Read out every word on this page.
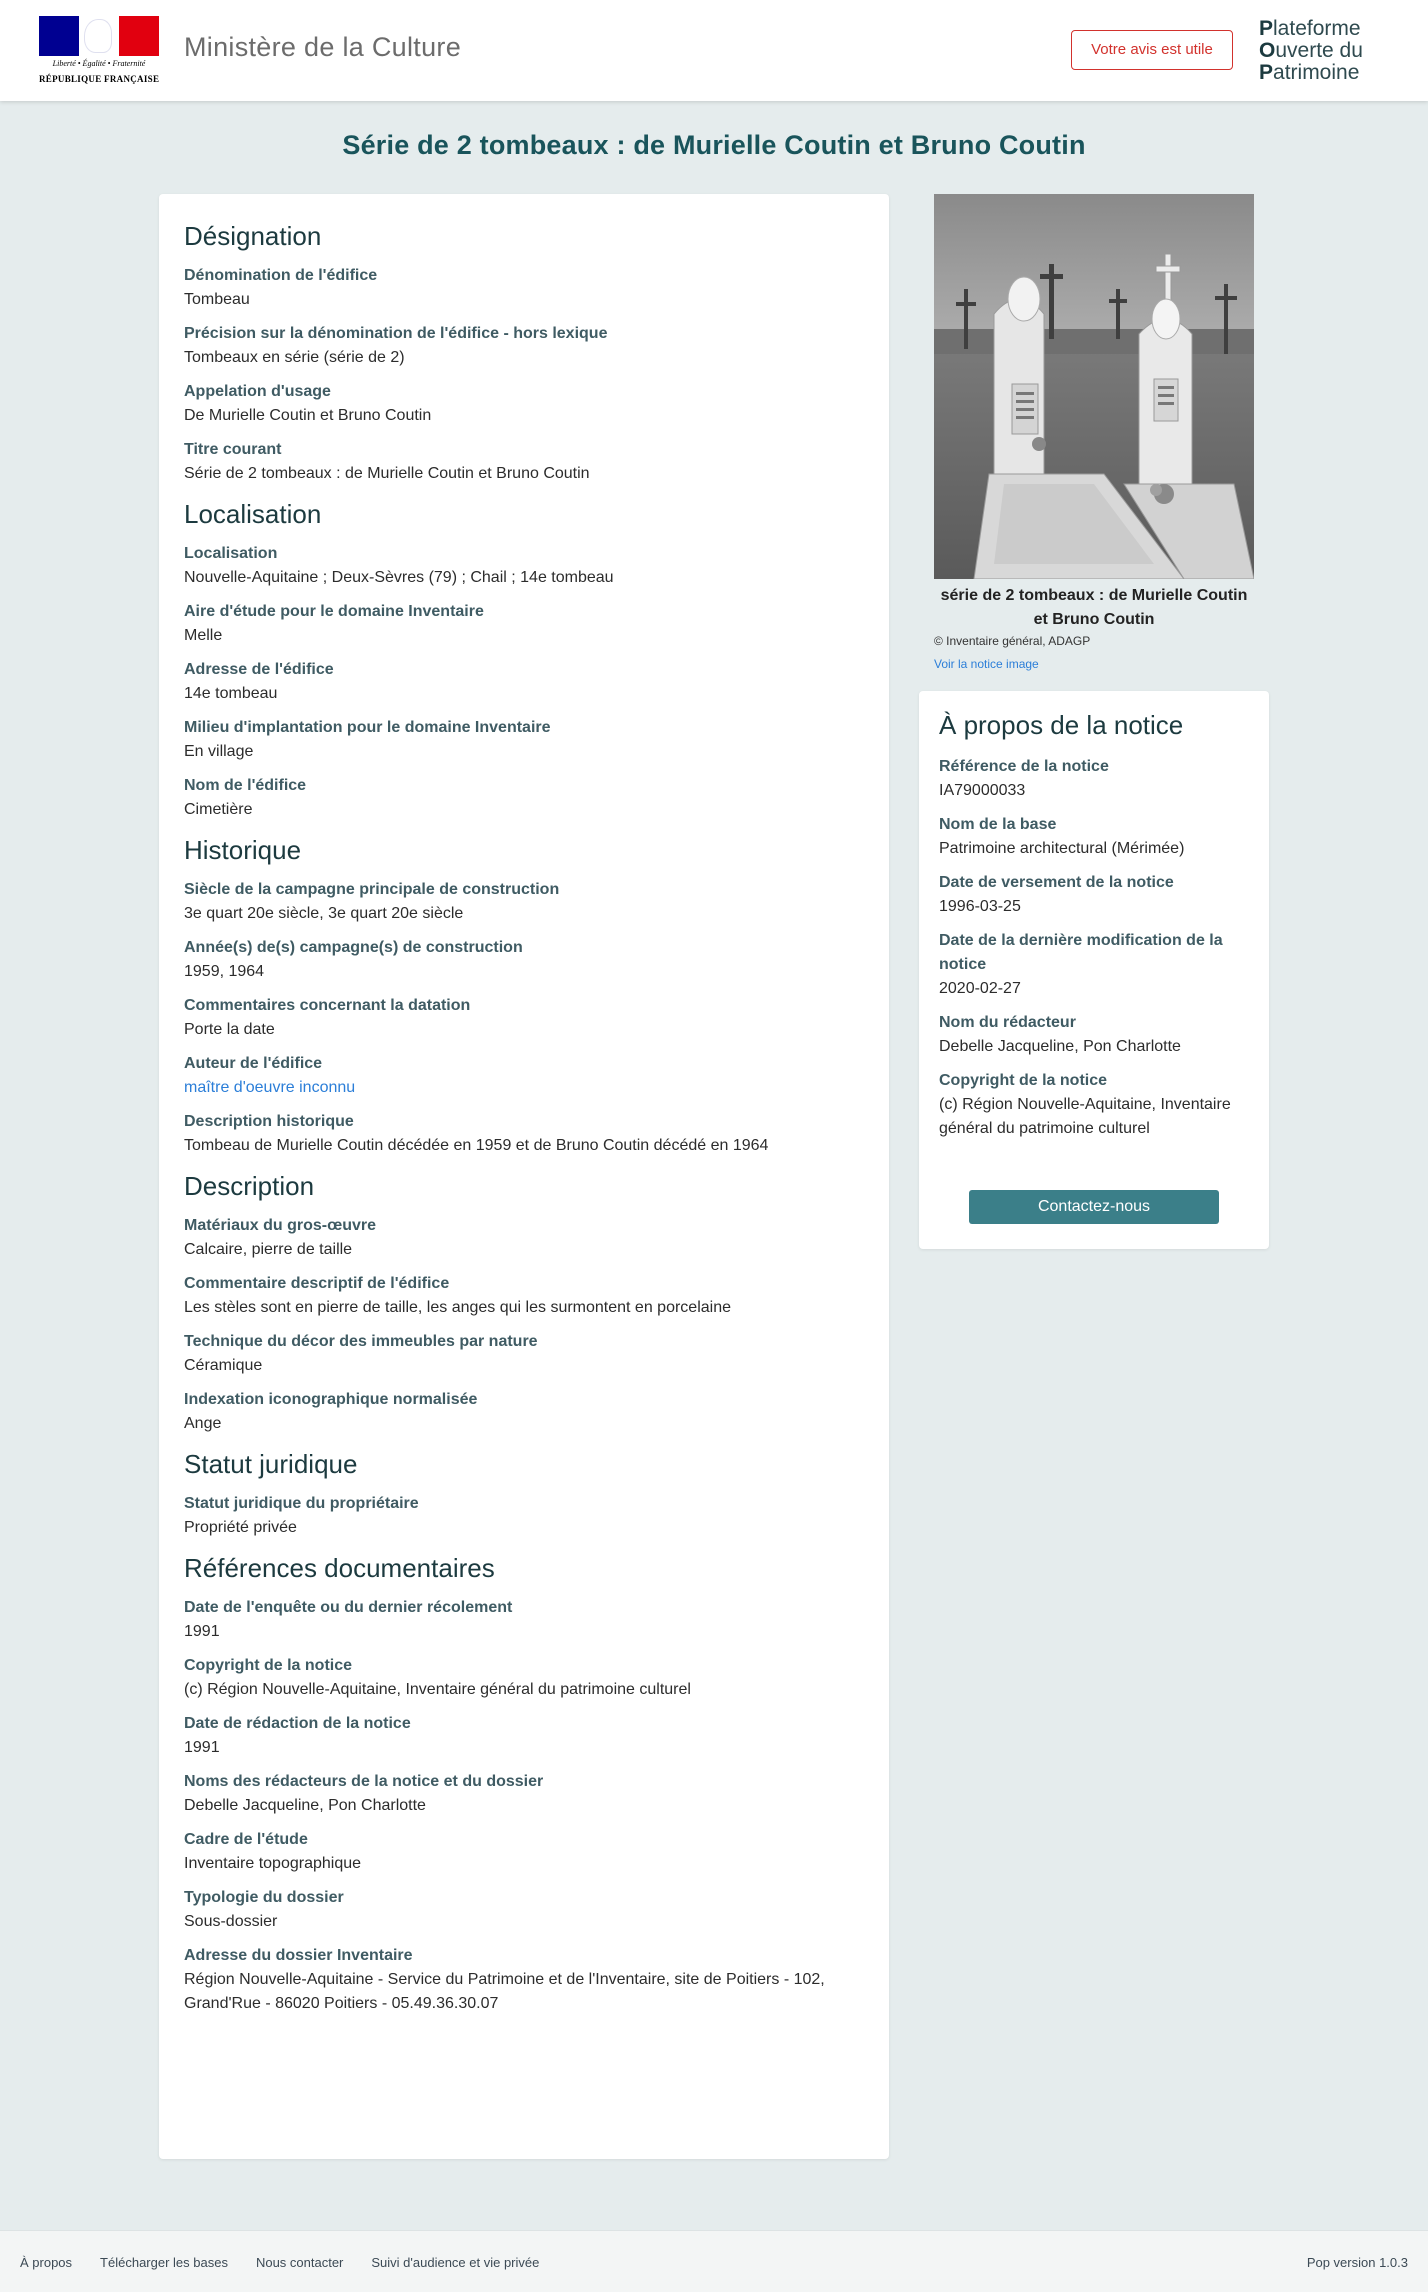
Liberté • Égalité • Fraternité
RÉPUBLIQUE FRANÇAISE
Ministère de la Culture	Votre avis est utile
Plateforme
Ouverte du
Patrimoine
Série de 2 tombeaux : de Murielle Coutin et Bruno Coutin
Désignation
Dénomination de l'édifice
Tombeau
Précision sur la dénomination de l'édifice - hors lexique
Tombeaux en série (série de 2)
Appelation d'usage
De Murielle Coutin et Bruno Coutin
Titre courant
Série de 2 tombeaux : de Murielle Coutin et Bruno Coutin
Localisation
Localisation
Nouvelle-Aquitaine ; Deux-Sèvres (79) ; Chail ; 14e tombeau
Aire d'étude pour le domaine Inventaire
Melle
Adresse de l'édifice
14e tombeau
Milieu d'implantation pour le domaine Inventaire
En village
Nom de l'édifice
Cimetière
Historique
Siècle de la campagne principale de construction
3e quart 20e siècle, 3e quart 20e siècle
Année(s) de(s) campagne(s) de construction
1959, 1964
Commentaires concernant la datation
Porte la date
Auteur de l'édifice
maître d'oeuvre inconnu
Description historique
Tombeau de Murielle Coutin décédée en 1959 et de Bruno Coutin décédé en 1964
Description
Matériaux du gros-œuvre
Calcaire, pierre de taille
Commentaire descriptif de l'édifice
Les stèles sont en pierre de taille, les anges qui les surmontent en porcelaine
Technique du décor des immeubles par nature
Céramique
Indexation iconographique normalisée
Ange
Statut juridique
Statut juridique du propriétaire
Propriété privée
Références documentaires
Date de l'enquête ou du dernier récolement
1991
Copyright de la notice
(c) Région Nouvelle-Aquitaine, Inventaire général du patrimoine culturel
Date de rédaction de la notice
1991
Noms des rédacteurs de la notice et du dossier
Debelle Jacqueline, Pon Charlotte
Cadre de l'étude
Inventaire topographique
Typologie du dossier
Sous-dossier
Adresse du dossier Inventaire
Région Nouvelle-Aquitaine - Service du Patrimoine et de l'Inventaire, site de Poitiers - 102, Grand'Rue - 86020 Poitiers - 05.49.36.30.07
série de 2 tombeaux : de Murielle Coutin et Bruno Coutin
© Inventaire général, ADAGP
Voir la notice image
À propos de la notice
Référence de la notice
IA79000033
Nom de la base
Patrimoine architectural (Mérimée)
Date de versement de la notice
1996-03-25
Date de la dernière modification de la notice
2020-02-27
Nom du rédacteur
Debelle Jacqueline, Pon Charlotte
Copyright de la notice
(c) Région Nouvelle-Aquitaine, Inventaire général du patrimoine culturel
Contactez-nous
À propos Télécharger les bases Nous contacter Suivi d'audience et vie privée	Pop version 1.0.3
